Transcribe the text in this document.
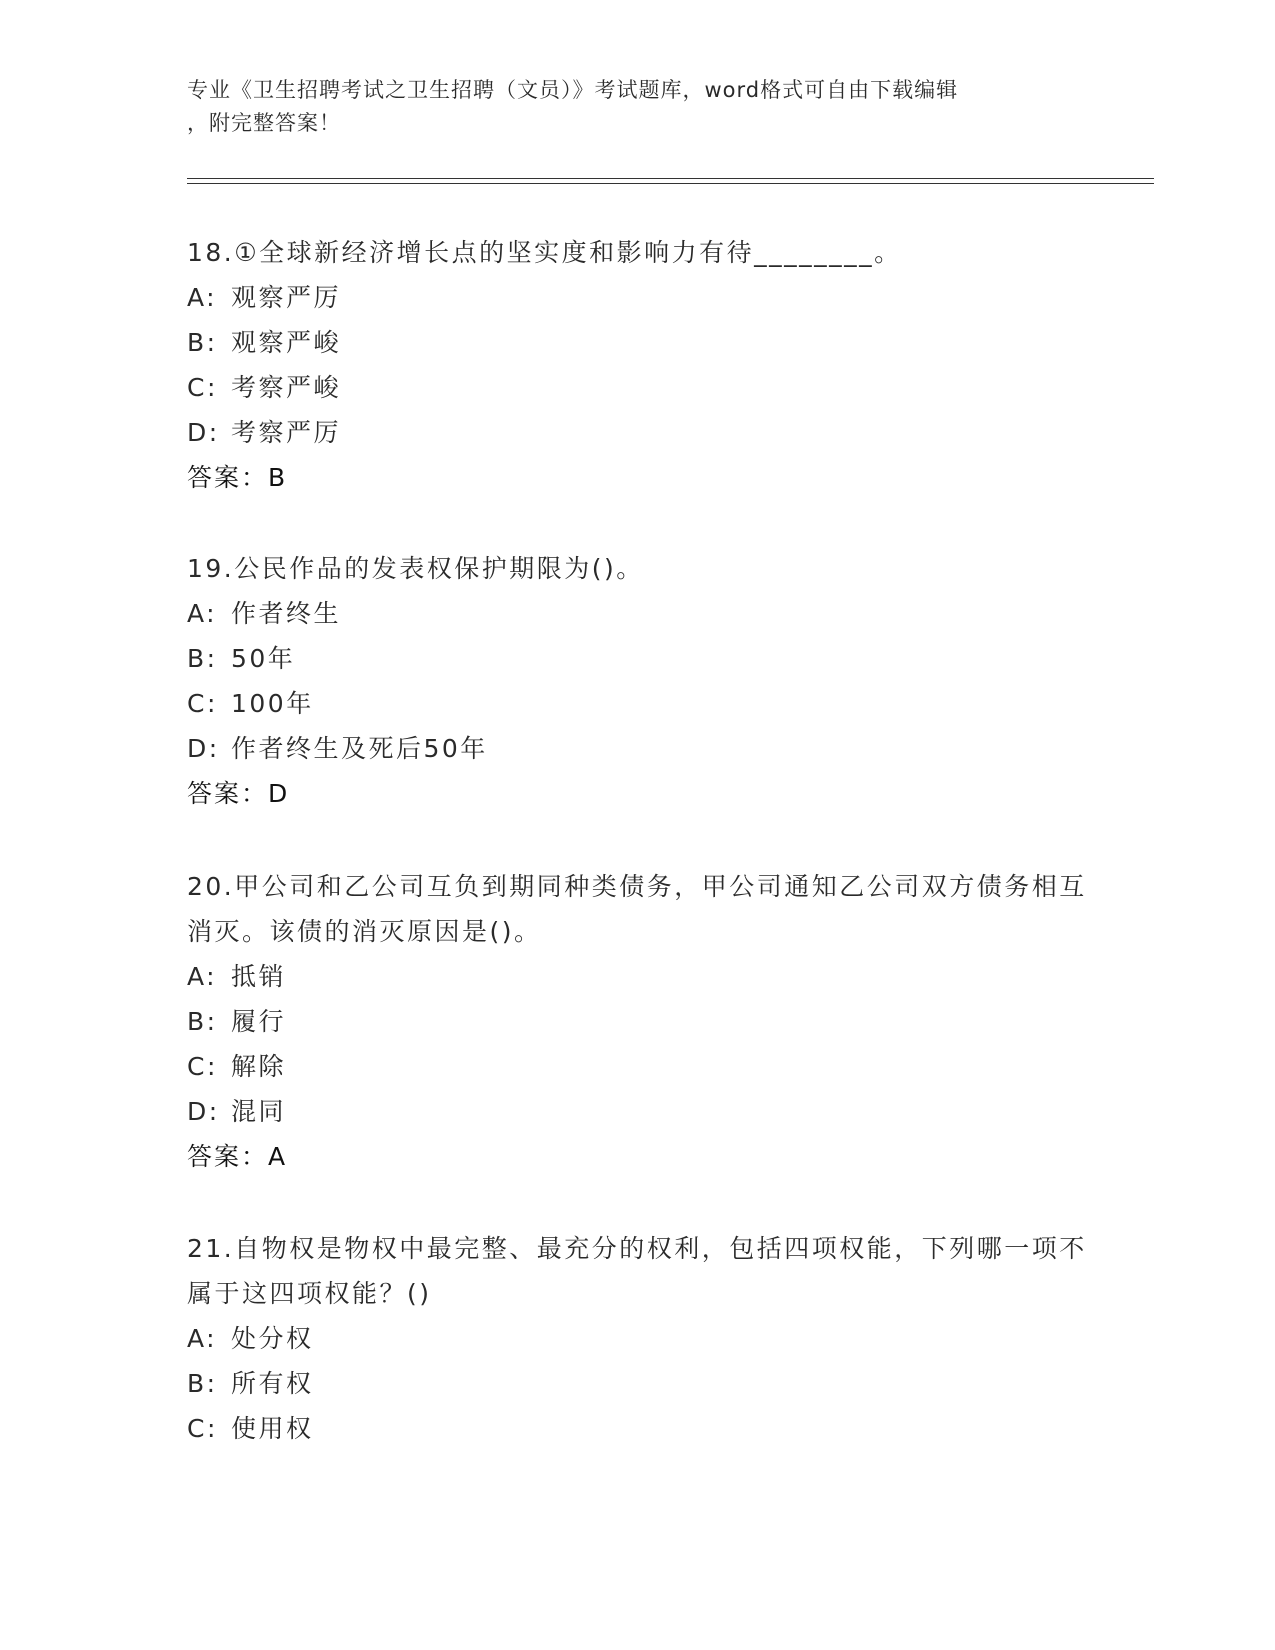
专业《卫生招聘考试之卫生招聘（文员）》考试题库，word格式可自由下载编辑
，附完整答案！

18.①全球新经济增长点的坚实度和影响力有待________。

A: 观察严厉
B: 观察严峻
C: 考察严峻
D: 考察严厉
答案：B

19.公民作品的发表权保护期限为()。

A: 作者终生
B: 50年
C: 100年
D: 作者终生及死后50年
答案：D

20.甲公司和乙公司互负到期同种类债务，甲公司通知乙公司双方债务相互消灭。该债的消灭原因是()。

A: 抵销
B: 履行
C: 解除
D: 混同
答案：A

21.自物权是物权中最完整、最充分的权利，包括四项权能，下列哪一项不属于这四项权能？()

A: 处分权
B: 所有权
C: 使用权
